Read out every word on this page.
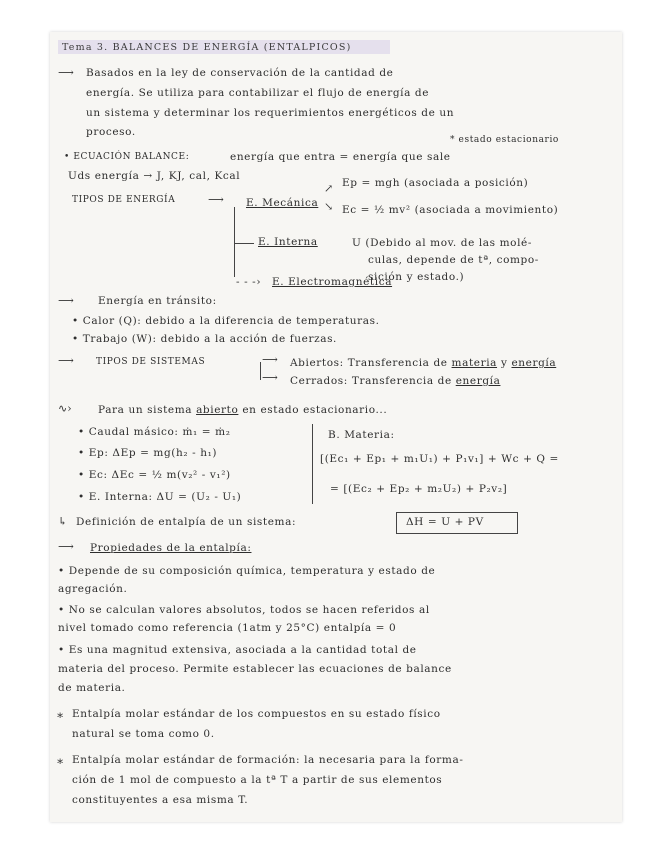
Tema 3. BALANCES DE ENERGÍA (ENTALPICOS)
⟶ Basados en la ley de conservación de la cantidad de
energía. Se utiliza para contabilizar el flujo de energía de
un sistema y determinar los requerimientos energéticos de un
proceso.
* estado estacionario
• ECUACIÓN BALANCE:	energía que entra = energía que sale
Uds energía → J, KJ, cal, Kcal
TIPOS DE ENERGÍA	⟶ E. Mecánica
↗
↘
Ep = mgh (asociada a posición)
Ec = ½ mv² (asociada a movimiento)
E. Interna	U (Debido al mov. de las molé-
culas, depende de tª, compo-
sición y estado.)
- - -› E. Electromagnética
⟶ Energía en tránsito:
• Calor (Q): debido a la diferencia de temperaturas.
• Trabajo (W): debido a la acción de fuerzas.
⟶ TIPOS DE SISTEMAS	⟶ Abiertos: Transferencia de materia y energía
⟶ Cerrados: Transferencia de energía
∿›	Para un sistema abierto en estado estacionario...
• Caudal másico: ṁ₁ = ṁ₂
• Ep: ΔEp = mg(h₂ - h₁)
• Ec: ΔEc = ½ m(v₂² - v₁²)
• E. Interna: ΔU = (U₂ - U₁)
B. Materia:
[(Ec₁ + Ep₁ + m₁U₁) + P₁v₁] + Wc + Q =
= [(Ec₂ + Ep₂ + m₂U₂) + P₂v₂]
↳ Definición de entalpía de un sistema:	ΔH = U + PV
⟶ Propiedades de la entalpía:
• Depende de su composición química, temperatura y estado de
agregación.
• No se calculan valores absolutos, todos se hacen referidos al
nivel tomado como referencia (1atm y 25°C) entalpía = 0
• Es una magnitud extensiva, asociada a la cantidad total de
materia del proceso. Permite establecer las ecuaciones de balance
de materia.
∗ Entalpía molar estándar de los compuestos en su estado físico
natural se toma como 0.
∗ Entalpía molar estándar de formación: la necesaria para la forma-
ción de 1 mol de compuesto a la tª T a partir de sus elementos
constituyentes a esa misma T.
